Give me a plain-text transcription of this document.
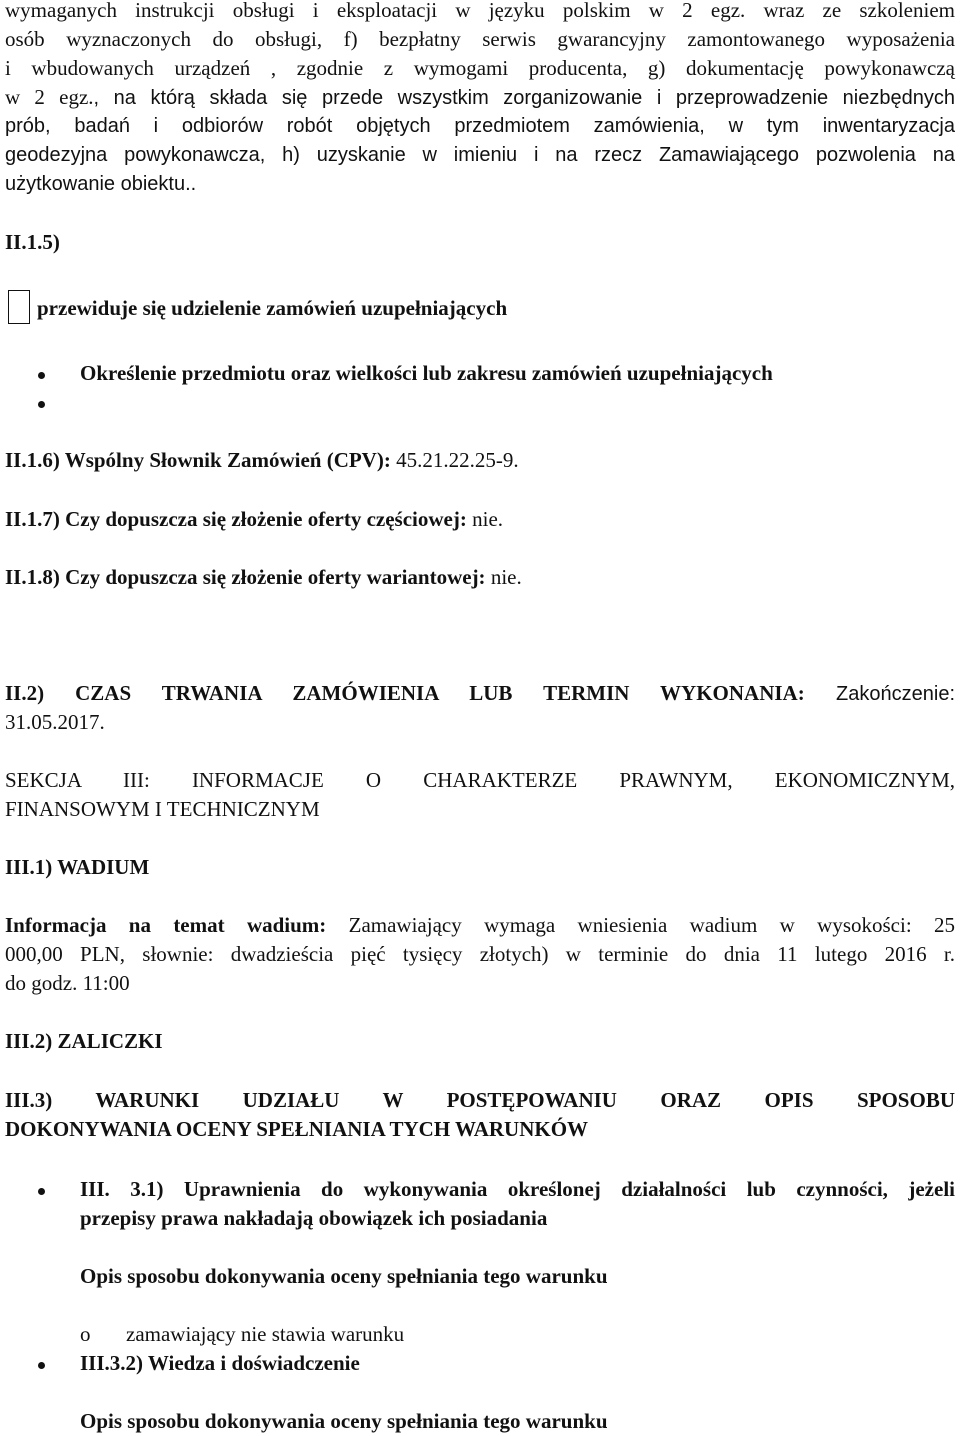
wymaganych instrukcji obsługi i eksploatacji w języku polskim w 2 egz. wraz ze szkoleniem
osób wyznaczonych do obsługi, f) bezpłatny serwis gwarancyjny zamontowanego wyposażenia
i wbudowanych urządzeń , zgodnie z wymogami producenta, g) dokumentację powykonawczą
w 2 egz., na którą składa się przede wszystkim zorganizowanie i przeprowadzenie niezbędnych
prób, badań i odbiorów robót objętych przedmiotem zamówienia, w tym inwentaryzacja
geodezyjna powykonawcza, h) uzyskanie w imieniu i na rzecz Zamawiającego pozwolenia na
użytkowanie obiektu..
II.1.5)
przewiduje się udzielenie zamówień uzupełniających
Określenie przedmiotu oraz wielkości lub zakresu zamówień uzupełniających
II.1.6) Wspólny Słownik Zamówień (CPV): 45.21.22.25-9.
II.1.7) Czy dopuszcza się złożenie oferty częściowej: nie.
II.1.8) Czy dopuszcza się złożenie oferty wariantowej: nie.
II.2) CZAS TRWANIA ZAMÓWIENIA LUB TERMIN WYKONANIA: Zakończenie:
31.05.2017.
SEKCJA III: INFORMACJE O CHARAKTERZE PRAWNYM, EKONOMICZNYM,
FINANSOWYM I TECHNICZNYM
III.1) WADIUM
Informacja na temat wadium: Zamawiający wymaga wniesienia wadium w wysokości: 25
000,00 PLN, słownie: dwadzieścia pięć tysięcy złotych) w terminie do dnia 11 lutego 2016 r.
do godz. 11:00
III.2) ZALICZKI
III.3) WARUNKI UDZIAŁU W POSTĘPOWANIU ORAZ OPIS SPOSOBU
DOKONYWANIA OCENY SPEŁNIANIA TYCH WARUNKÓW
III. 3.1) Uprawnienia do wykonywania określonej działalności lub czynności, jeżeli
przepisy prawa nakładają obowiązek ich posiadania
Opis sposobu dokonywania oceny spełniania tego warunku
o	zamawiający nie stawia warunku
III.3.2) Wiedza i doświadczenie
Opis sposobu dokonywania oceny spełniania tego warunku
